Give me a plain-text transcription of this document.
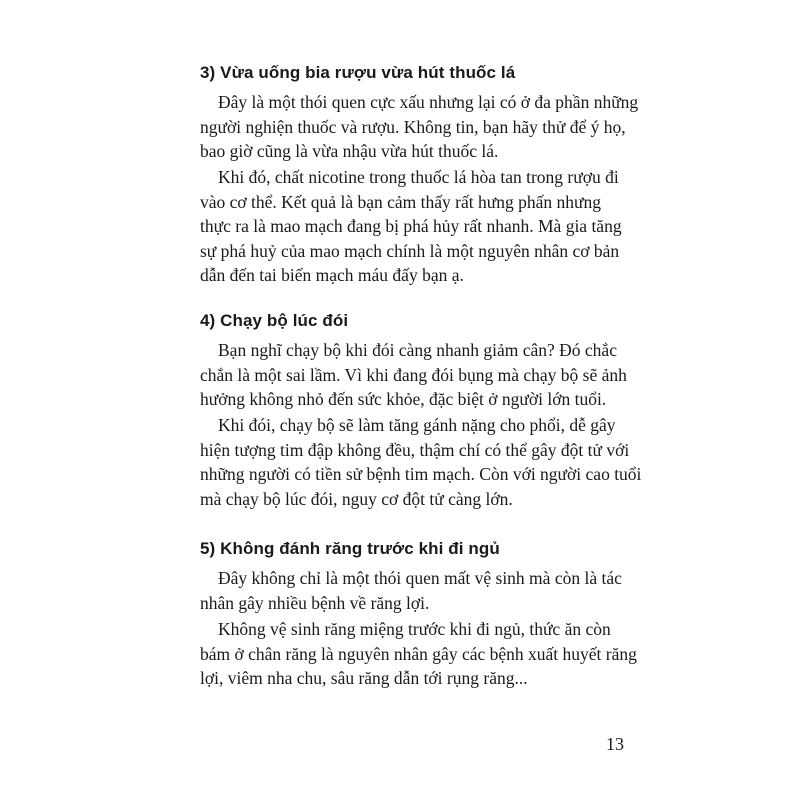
3) Vừa uống bia rượu vừa hút thuốc lá
Đây là một thói quen cực xấu nhưng lại có ở đa phần những
người nghiện thuốc và rượu. Không tin, bạn hãy thử để ý họ,
bao giờ cũng là vừa nhậu vừa hút thuốc lá.
Khi đó, chất nicotine trong thuốc lá hòa tan trong rượu đi
vào cơ thể. Kết quả là bạn cảm thấy rất hưng phấn nhưng
thực ra là mao mạch đang bị phá hủy rất nhanh. Mà gia tăng
sự phá huỷ của mao mạch chính là một nguyên nhân cơ bản
dẫn đến tai biến mạch máu đấy bạn ạ.
4) Chạy bộ lúc đói
Bạn nghĩ chạy bộ khi đói càng nhanh giảm cân? Đó chắc
chắn là một sai lầm. Vì khi đang đói bụng mà chạy bộ sẽ ảnh
hưởng không nhỏ đến sức khỏe, đặc biệt ở người lớn tuổi.
Khi đói, chạy bộ sẽ làm tăng gánh nặng cho phổi, dễ gây
hiện tượng tim đập không đều, thậm chí có thể gây đột tử với
những người có tiền sử bệnh tim mạch. Còn với người cao tuổi
mà chạy bộ lúc đói, nguy cơ đột tử càng lớn.
5) Không đánh răng trước khi đi ngủ
Đây không chỉ là một thói quen mất vệ sinh mà còn là tác
nhân gây nhiều bệnh về răng lợi.
Không vệ sinh răng miệng trước khi đi ngủ, thức ăn còn
bám ở chân răng là nguyên nhân gây các bệnh xuất huyết răng
lợi, viêm nha chu, sâu răng dẫn tới rụng răng...
13
